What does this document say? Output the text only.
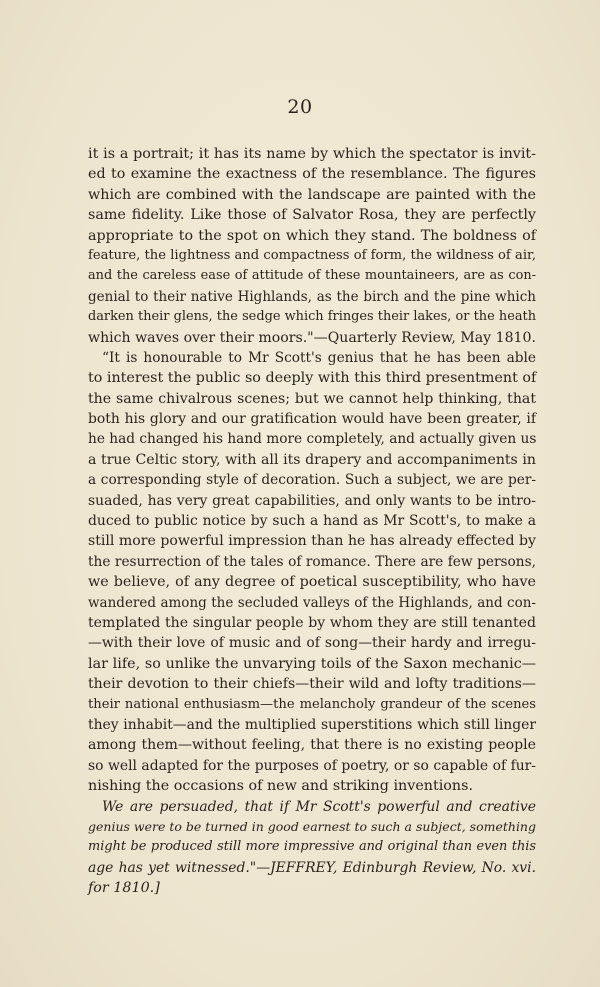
20
it is a portrait; it has its name by which the spectator is invit-
ed to examine the exactness of the resemblance. The figures
which are combined with the landscape are painted with the
same fidelity. Like those of Salvator Rosa, they are perfectly
appropriate to the spot on which they stand. The boldness of
feature, the lightness and compactness of form, the wildness of air,
and the careless ease of attitude of these mountaineers, are as con-
genial to their native Highlands, as the birch and the pine which
darken their glens, the sedge which fringes their lakes, or the heath
which waves over their moors."—Quarterly Review, May 1810.
“It is honourable to Mr Scott's genius that he has been able
to interest the public so deeply with this third presentment of
the same chivalrous scenes; but we cannot help thinking, that
both his glory and our gratification would have been greater, if
he had changed his hand more completely, and actually given us
a true Celtic story, with all its drapery and accompaniments in
a corresponding style of decoration. Such a subject, we are per-
suaded, has very great capabilities, and only wants to be intro-
duced to public notice by such a hand as Mr Scott's, to make a
still more powerful impression than he has already effected by
the resurrection of the tales of romance. There are few persons,
we believe, of any degree of poetical susceptibility, who have
wandered among the secluded valleys of the Highlands, and con-
templated the singular people by whom they are still tenanted
—with their love of music and of song—their hardy and irregu-
lar life, so unlike the unvarying toils of the Saxon mechanic—
their devotion to their chiefs—their wild and lofty traditions—
their national enthusiasm—the melancholy grandeur of the scenes
they inhabit—and the multiplied superstitions which still linger
among them—without feeling, that there is no existing people
so well adapted for the purposes of poetry, or so capable of fur-
nishing the occasions of new and striking inventions.
We are persuaded, that if Mr Scott's powerful and creative
genius were to be turned in good earnest to such a subject, something
might be produced still more impressive and original than even this
age has yet witnessed."—JEFFREY, Edinburgh Review, No. xvi.
for 1810.]
